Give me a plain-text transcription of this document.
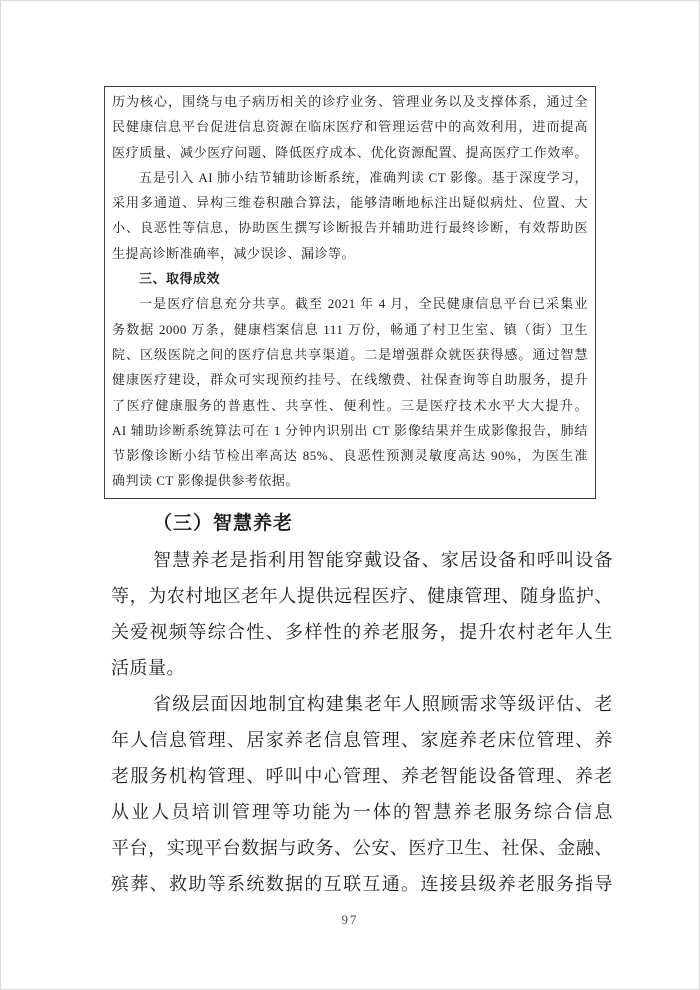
历为核心，围绕与电子病历相关的诊疗业务、管理业务以及支撑体系，通过全
民健康信息平台促进信息资源在临床医疗和管理运营中的高效利用，进而提高
医疗质量、减少医疗问题、降低医疗成本、优化资源配置、提高医疗工作效率。
五是引入 AI 肺小结节辅助诊断系统，准确判读 CT 影像。基于深度学习，
采用多通道、异构三维卷积融合算法，能够清晰地标注出疑似病灶、位置、大
小、良恶性等信息，协助医生撰写诊断报告并辅助进行最终诊断，有效帮助医
生提高诊断准确率，减少误诊、漏诊等。
三、取得成效
一是医疗信息充分共享。截至 2021 年 4 月，全民健康信息平台已采集业
务数据 2000 万条，健康档案信息 111 万份，畅通了村卫生室、镇（街）卫生
院、区级医院之间的医疗信息共享渠道。二是增强群众就医获得感。通过智慧
健康医疗建设，群众可实现预约挂号、在线缴费、社保查询等自助服务，提升
了医疗健康服务的普惠性、共享性、便利性。三是医疗技术水平大大提升。
AI 辅助诊断系统算法可在 1 分钟内识别出 CT 影像结果并生成影像报告，肺结
节影像诊断小结节检出率高达 85%、良恶性预测灵敏度高达 90%，为医生准
确判读 CT 影像提供参考依据。
（三）智慧养老
智慧养老是指利用智能穿戴设备、家居设备和呼叫设备
等，为农村地区老年人提供远程医疗、健康管理、随身监护、
关爱视频等综合性、多样性的养老服务，提升农村老年人生
活质量。
省级层面因地制宜构建集老年人照顾需求等级评估、老
年人信息管理、居家养老信息管理、家庭养老床位管理、养
老服务机构管理、呼叫中心管理、养老智能设备管理、养老
从业人员培训管理等功能为一体的智慧养老服务综合信息
平台，实现平台数据与政务、公安、医疗卫生、社保、金融、
殡葬、救助等系统数据的互联互通。连接县级养老服务指导
97
